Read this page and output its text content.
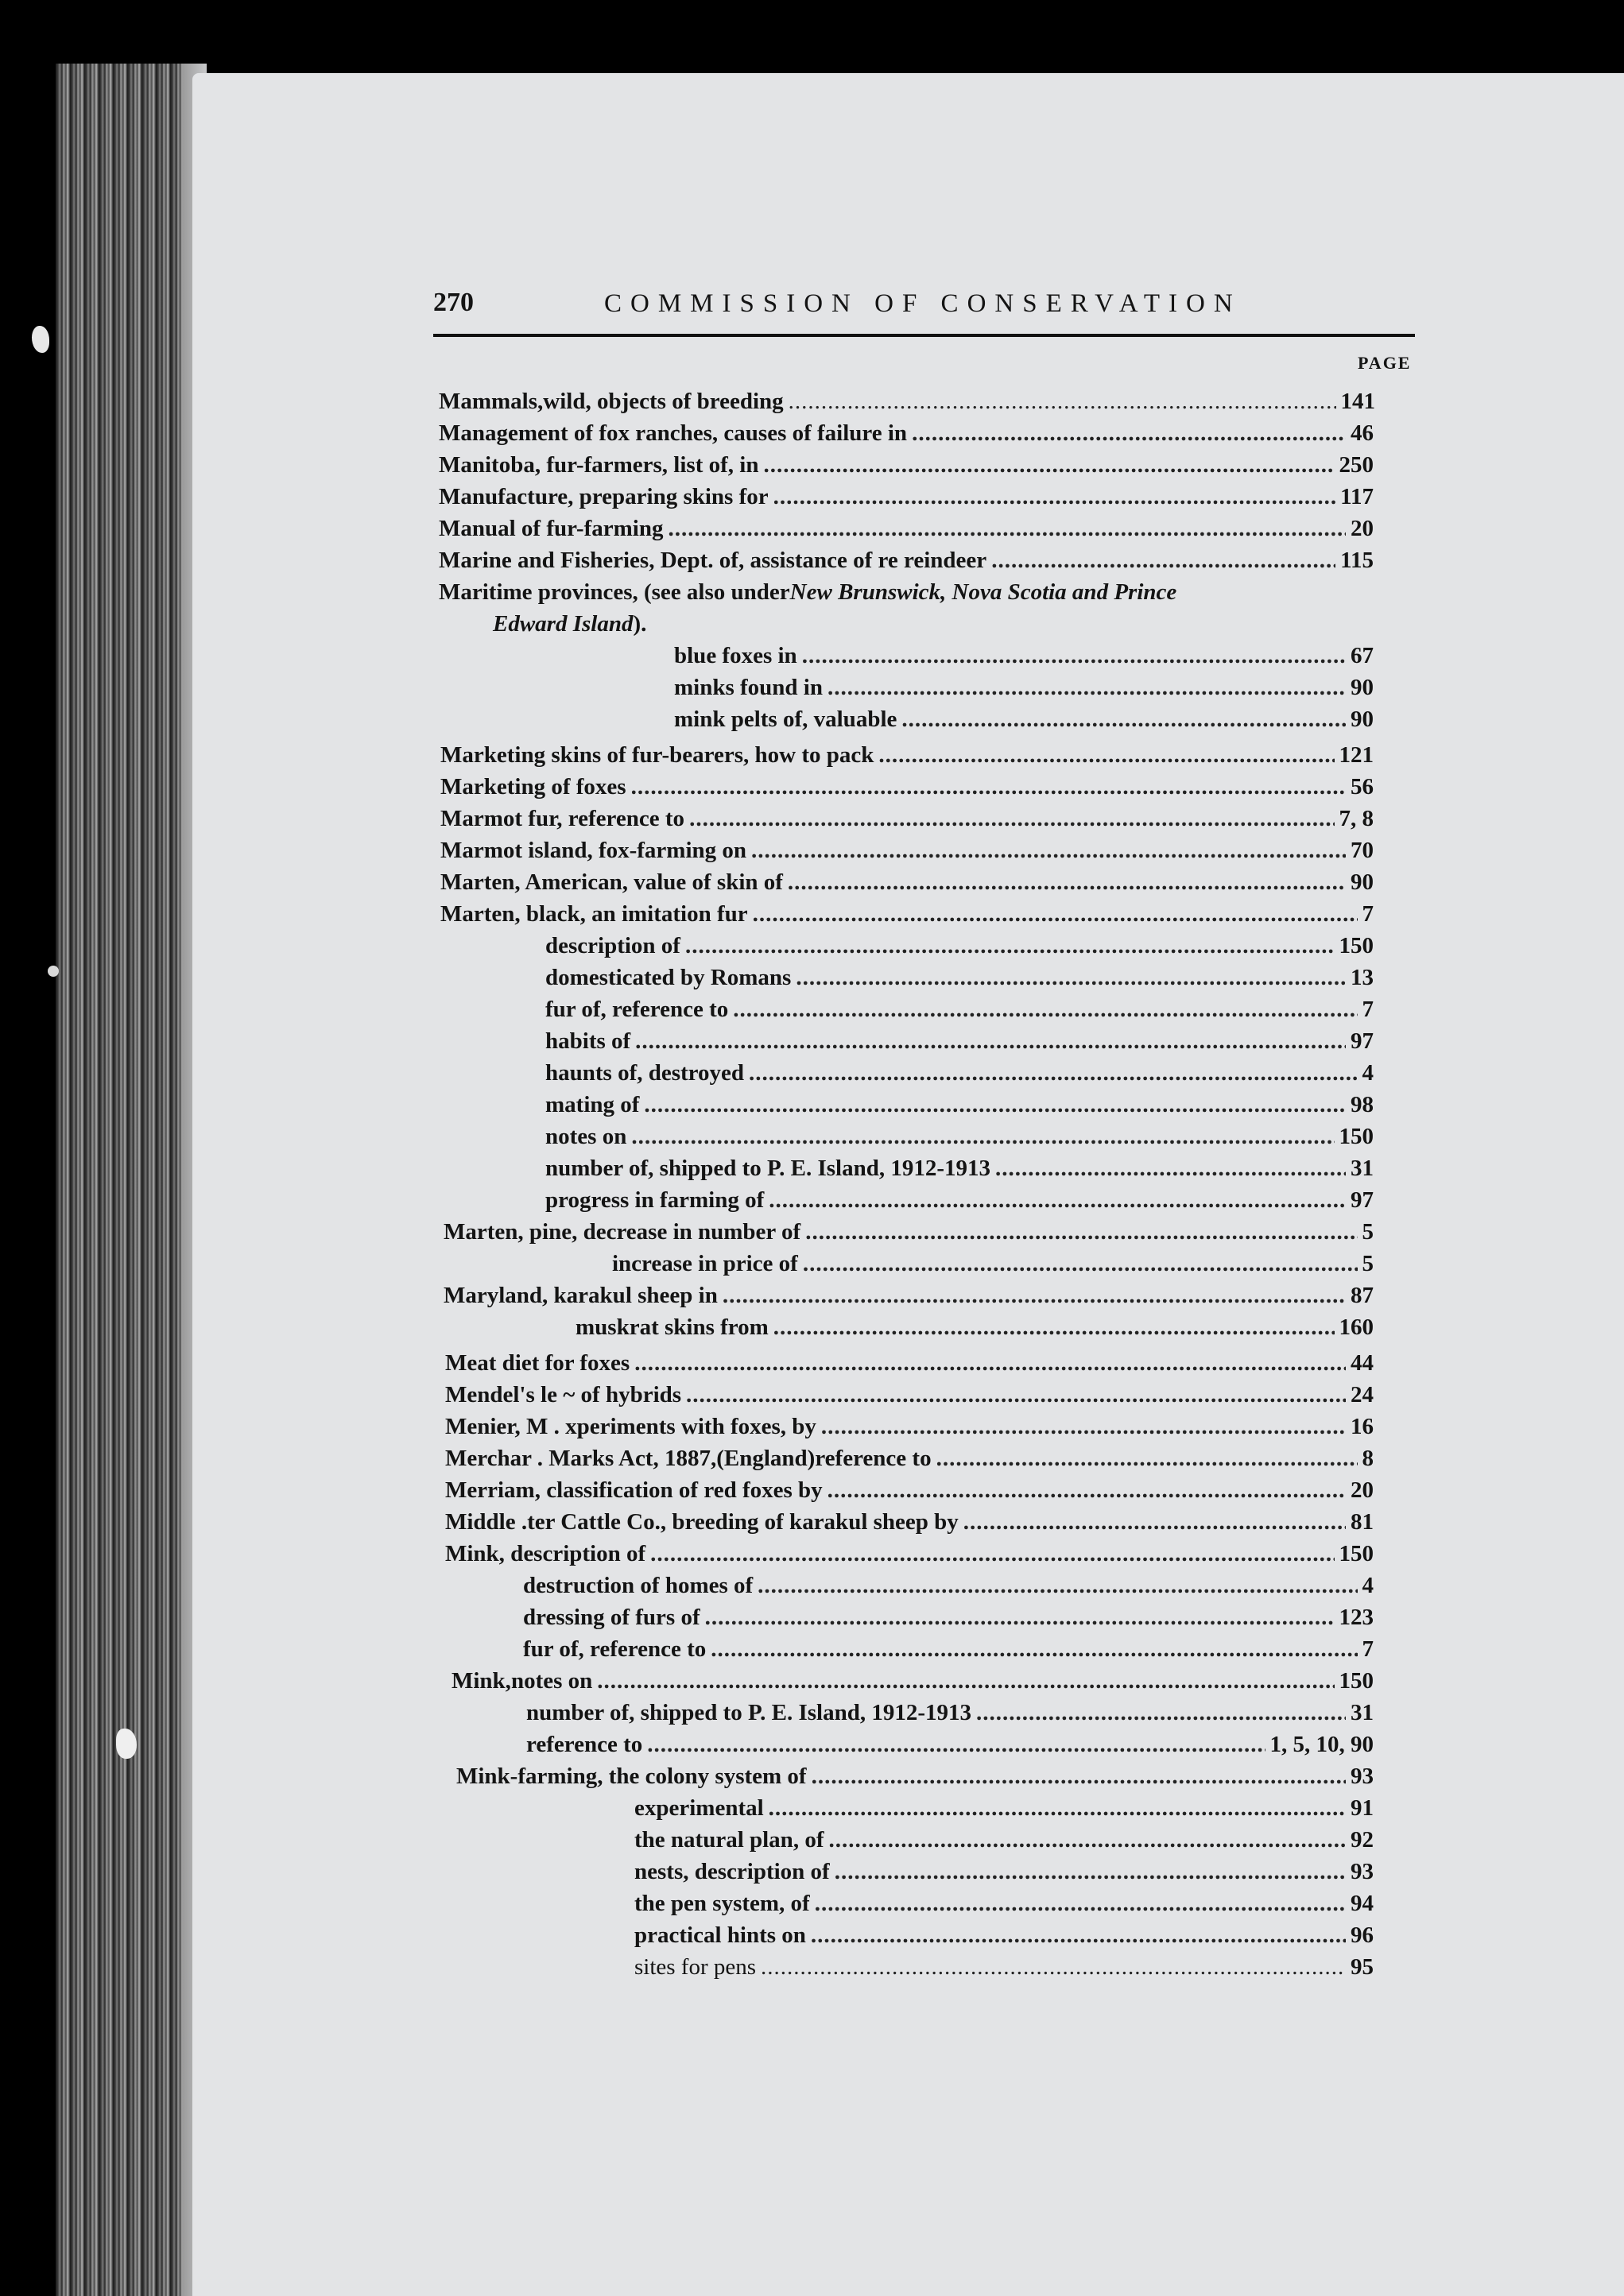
270	COMMISSION OF CONSERVATION
PAGE
Mammals, wild, objects of breeding .....	141
Management of fox ranches, causes of failure in .....	46
Manitoba, fur-farmers, list of, in .....	250
Manufacture, preparing skins for .....	117
Manual of fur-farming .....	20
Marine and Fisheries, Dept. of, assistance of re reindeer .....	115
Maritime provinces, (see also under New Brunswick, Nova Scotia and Prince
Edward Island ).
blue foxes in .....	67
minks found in .....	90
mink pelts of, valuable .....	90
Marketing skins of fur-bearers, how to pack .....	121
Marketing of foxes .....	56
Marmot fur, reference to .....	7, 8
Marmot island, fox-farming on .....	70
Marten, American, value of skin of .....	90
Marten, black, an imitation fur .....	7
description of .....	150
domesticated by Romans .....	13
fur of, reference to .....	7
habits of .....	97
haunts of, destroyed .....	4
mating of .....	98
notes on .....	150
number of, shipped to P. E. Island, 1912-1913 .....	31
progress in farming of .....	97
Marten, pine, decrease in number of .....	5
increase in price of .....	5
Maryland, karakul sheep in .....	87
muskrat skins from .....	160
Meat diet for foxes .....	44
Mendel's le ~ of hybrids .....	24
Menier, M . xperiments with foxes, by .....	16
Merchar . Marks Act, 1887, (England) reference to .....	8
Merriam, classification of red foxes by .....	20
Middle .ter Cattle Co., breeding of karakul sheep by .....	81
Mink, description of .....	150
destruction of homes of .....	4
dressing of furs of .....	123
fur of, reference to .....	7
Mink, notes on .....	150
number of, shipped to P. E. Island, 1912-1913 .....	31
reference to .....	1, 5, 10, 90
Mink-farming, the colony system of .....	93
experimental .....	91
the natural plan, of .....	92
nests, description of .....	93
the pen system, of .....	94
practical hints on .....	96
sites for pens .....	95
